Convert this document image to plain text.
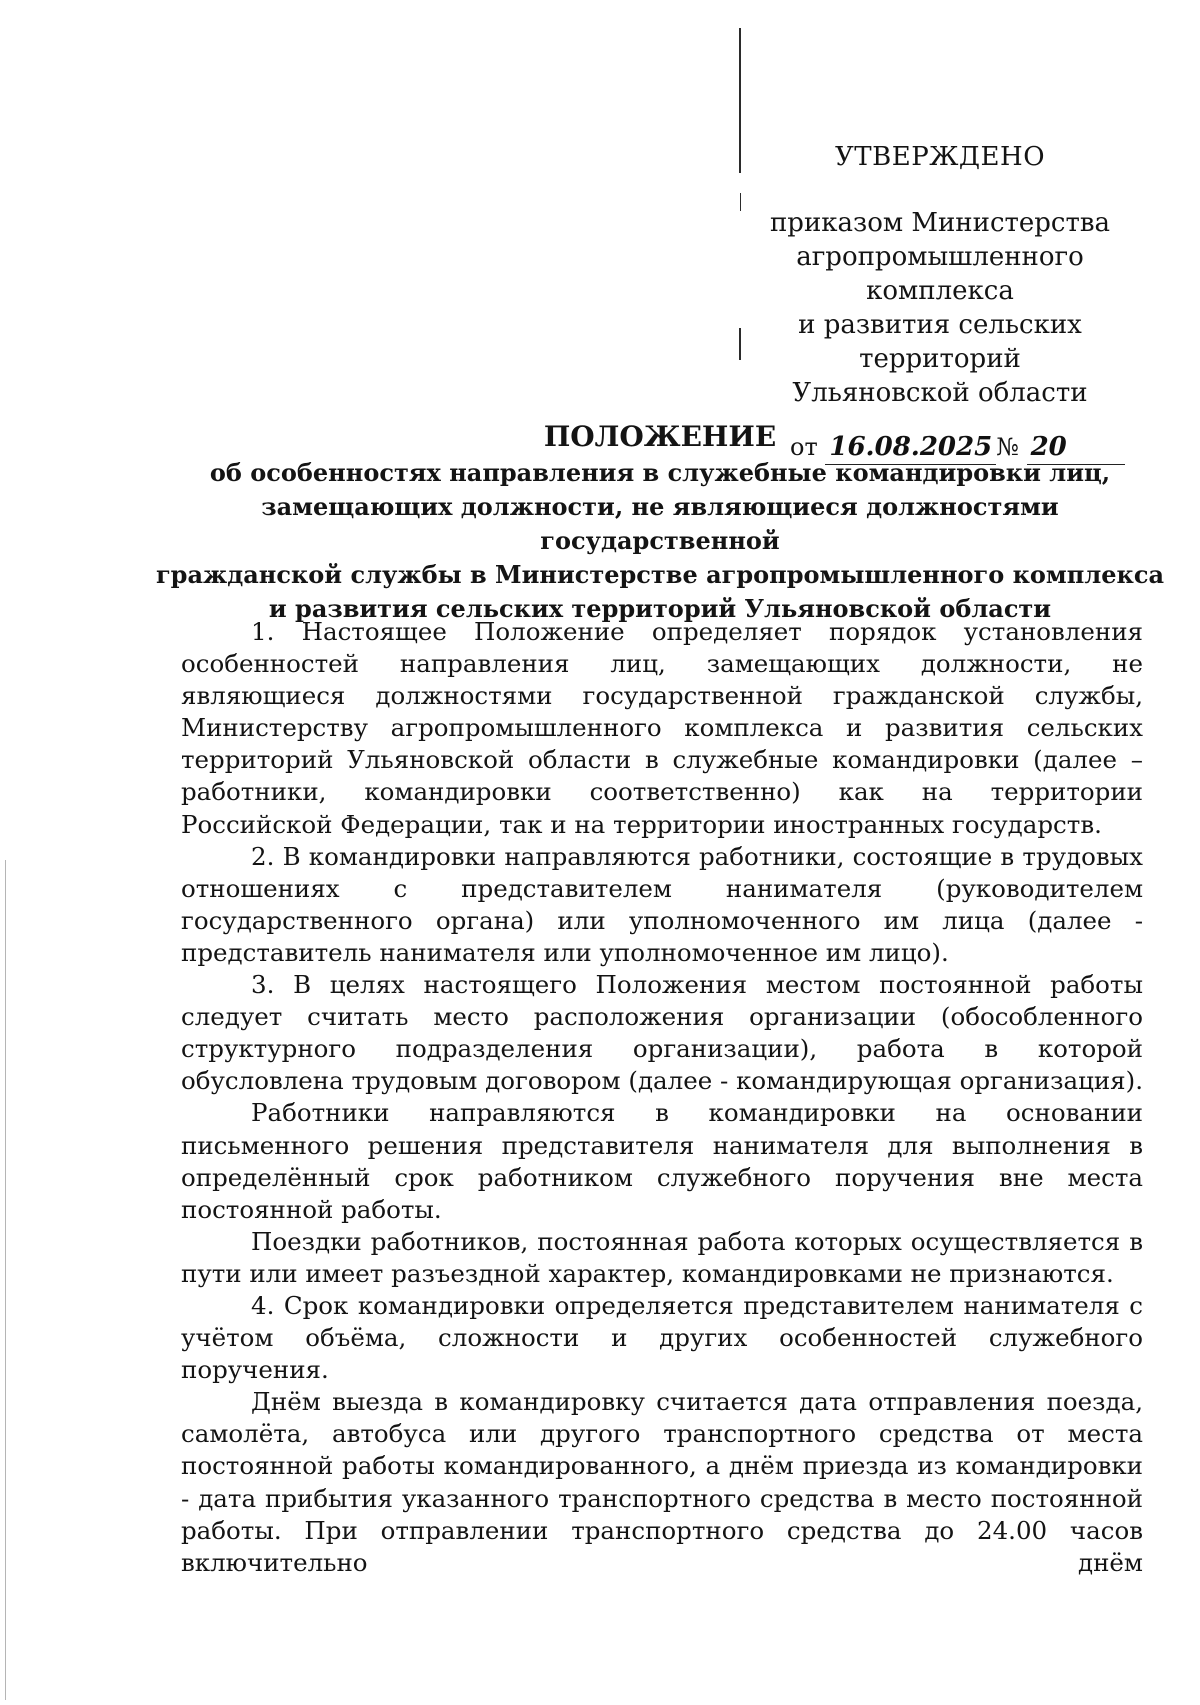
УТВЕРЖДЕНО
приказом Министерства
агропромышленного комплекса
и развития сельских территорий
Ульяновской области
от 16.08.2025 № 20
ПОЛОЖЕНИЕ
об особенностях направления в служебные командировки лиц,
замещающих должности, не являющиеся должностями государственной
гражданской службы в Министерстве агропромышленного комплекса
и развития сельских территорий Ульяновской области

1. Настоящее Положение определяет порядок установления особенностей направления лиц, замещающих должности, не являющиеся должностями государственной гражданской службы, Министерству агропромышленного комплекса и развития сельских территорий Ульяновской области в служебные командировки (далее – работники, командировки соответственно) как на территории Российской Федерации, так и на территории иностранных государств.

2. В командировки направляются работники, состоящие в трудовых отношениях с представителем нанимателя (руководителем государственного органа) или уполномоченного им лица (далее - представитель нанимателя или уполномоченное им лицо).

3. В целях настоящего Положения местом постоянной работы следует считать место расположения организации (обособленного структурного подразделения организации), работа в которой обусловлена трудовым договором (далее - командирующая организация).

Работники направляются в командировки на основании письменного решения представителя нанимателя для выполнения в определённый срок работником служебного поручения вне места постоянной работы.

Поездки работников, постоянная работа которых осуществляется в пути или имеет разъездной характер, командировками не признаются.

4. Срок командировки определяется представителем нанимателя с учётом объёма, сложности и других особенностей служебного поручения.

Днём выезда в командировку считается дата отправления поезда, самолёта, автобуса или другого транспортного средства от места постоянной работы командированного, а днём приезда из командировки - дата прибытия указанного транспортного средства в место постоянной работы. При отправлении транспортного средства до 24.00 часов включительно днём
